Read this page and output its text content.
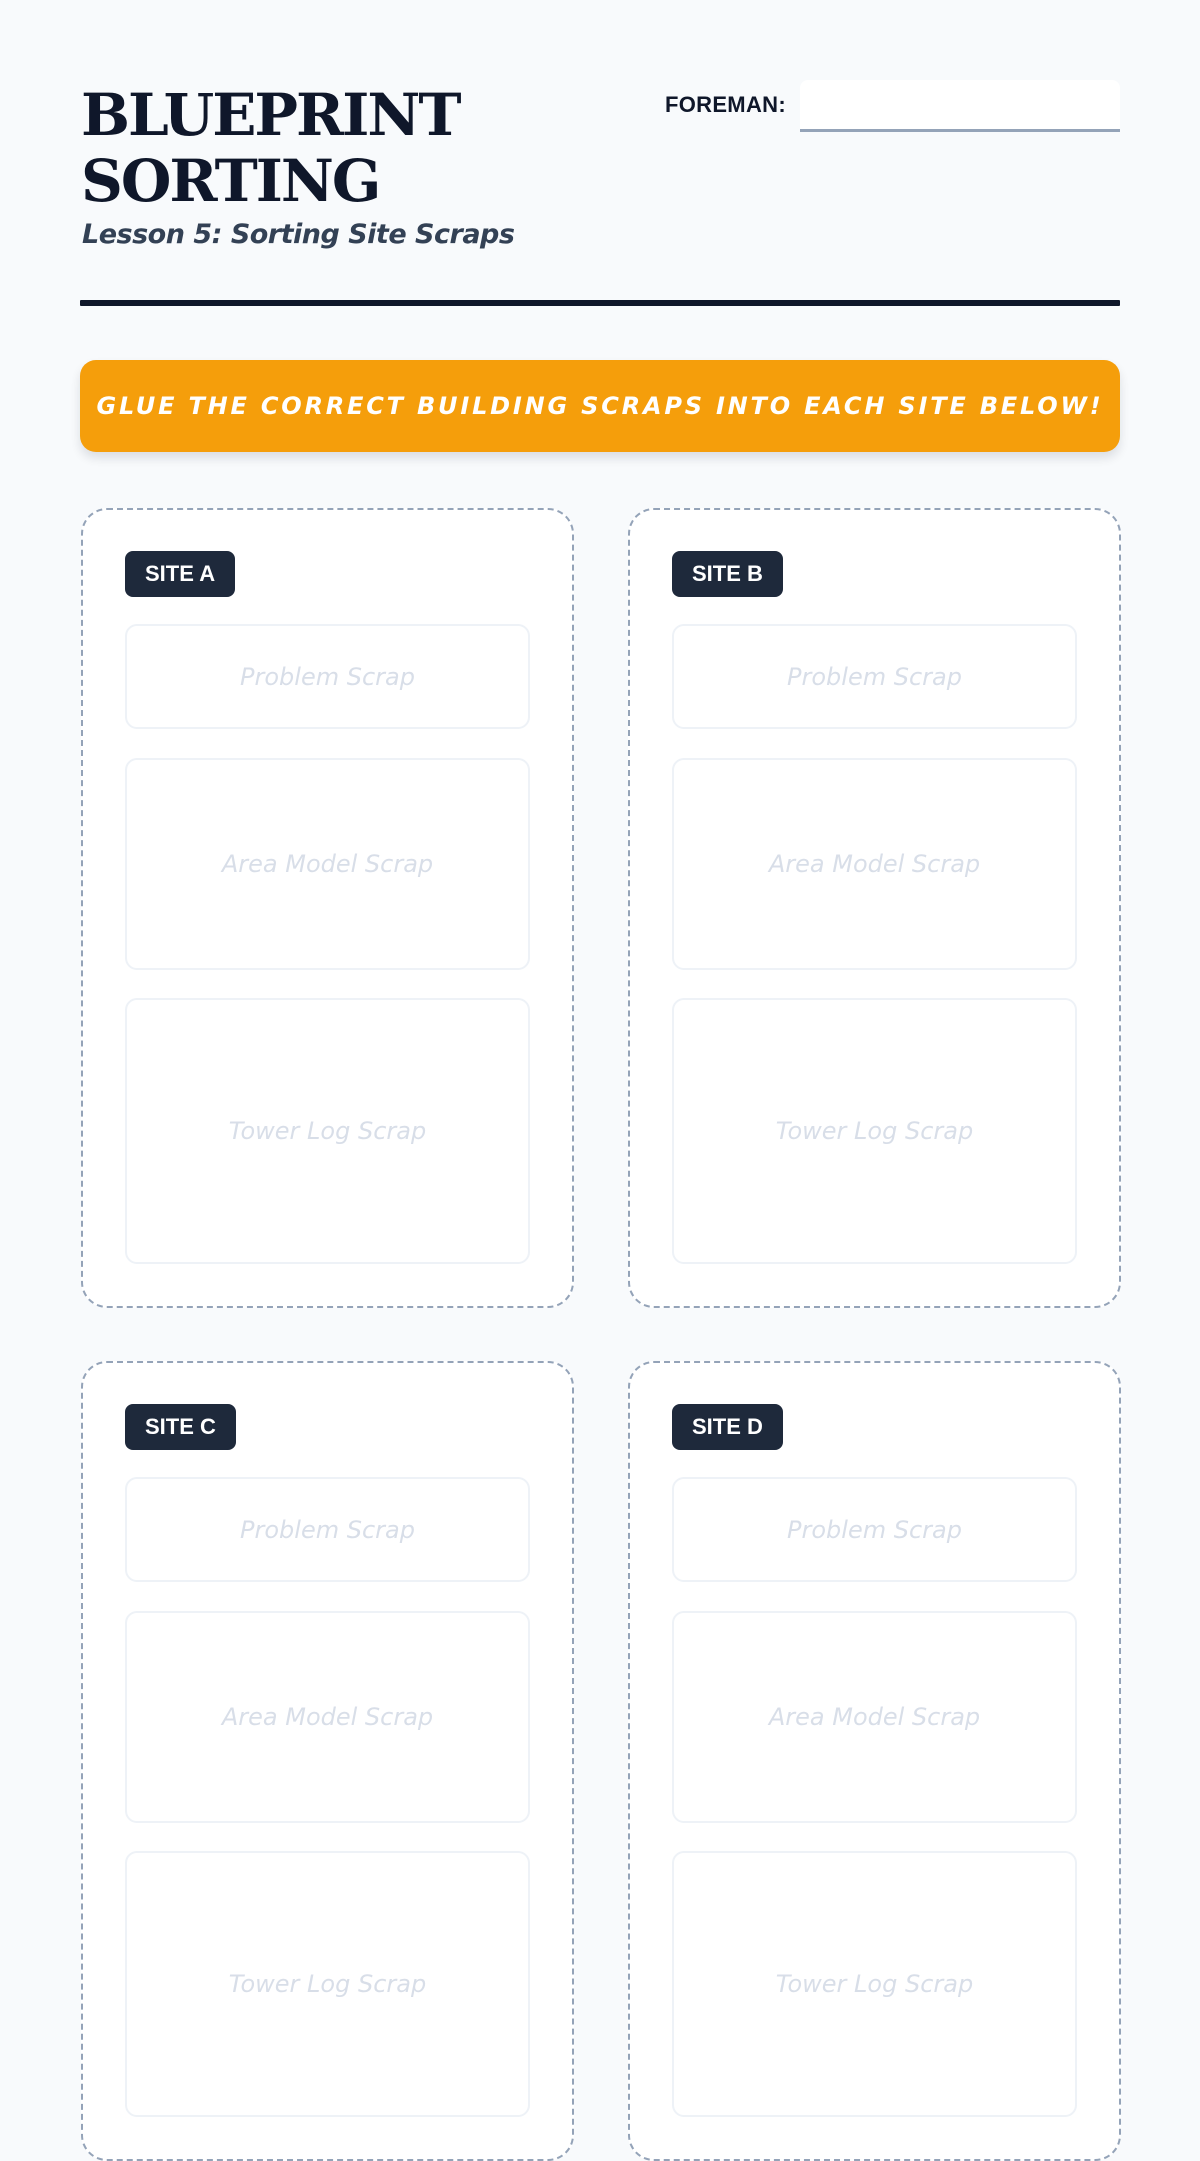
BLUEPRINT
SORTING

Lesson 5: Sorting Site Scraps

FOREMAN:
GLUE THE CORRECT BUILDING SCRAPS INTO EACH SITE BELOW!
SITE A
Problem Scrap
Area Model Scrap
Tower Log Scrap
SITE B
Problem Scrap
Area Model Scrap
Tower Log Scrap
SITE C
Problem Scrap
Area Model Scrap
Tower Log Scrap
SITE D
Problem Scrap
Area Model Scrap
Tower Log Scrap
